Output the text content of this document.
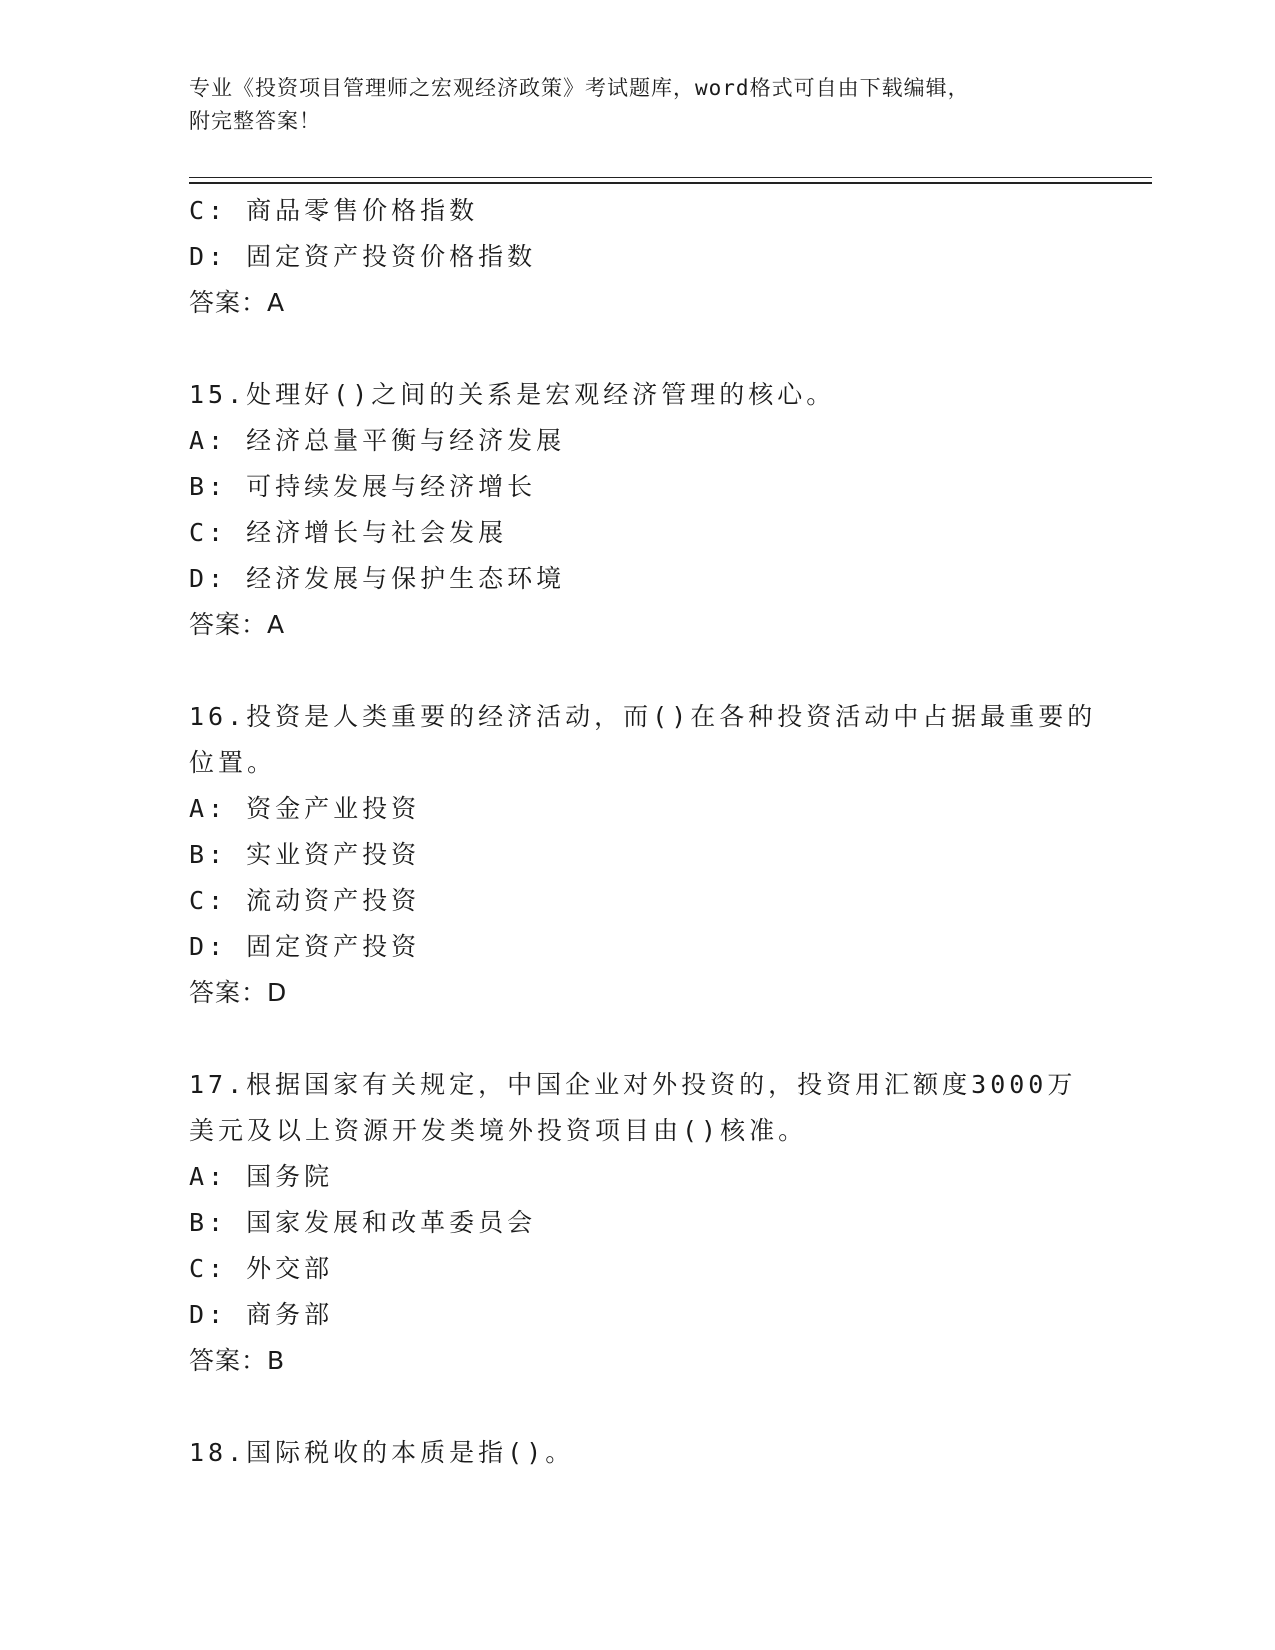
专业《投资项目管理师之宏观经济政策》考试题库，word格式可自由下载编辑，
附完整答案！
C: 商品零售价格指数
D: 固定资产投资价格指数
答案：A
15.处理好()之间的关系是宏观经济管理的核心。
A: 经济总量平衡与经济发展
B: 可持续发展与经济增长
C: 经济增长与社会发展
D: 经济发展与保护生态环境
答案：A
16.投资是人类重要的经济活动，而()在各种投资活动中占据最重要的
位置。
A: 资金产业投资
B: 实业资产投资
C: 流动资产投资
D: 固定资产投资
答案：D
17.根据国家有关规定，中国企业对外投资的，投资用汇额度3000万
美元及以上资源开发类境外投资项目由()核准。
A: 国务院
B: 国家发展和改革委员会
C: 外交部
D: 商务部
答案：B
18.国际税收的本质是指()。
